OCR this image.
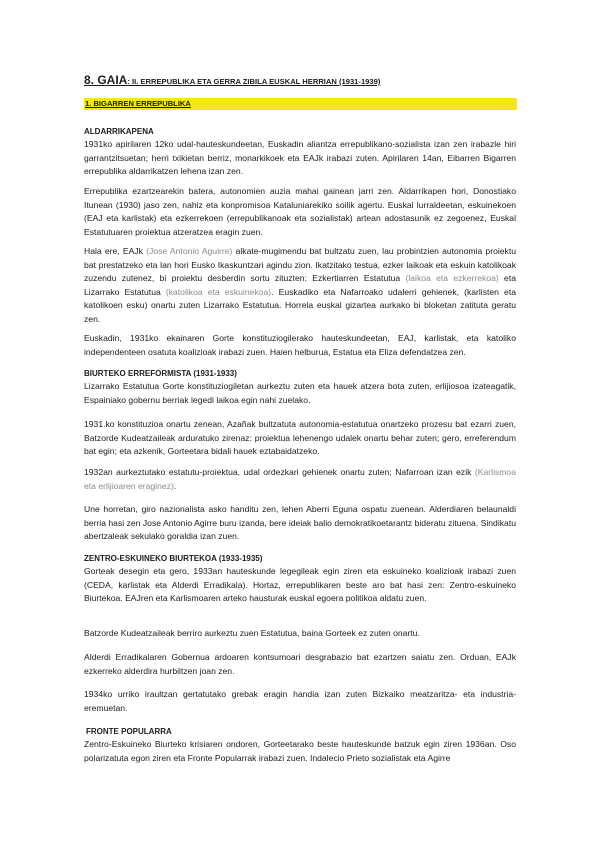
8. GAIA: II. ERREPUBLIKA ETA GERRA ZIBILA EUSKAL HERRIAN (1931-1939)
1. BIGARREN ERREPUBLIKA

ALDARRIKAPENA

1931ko apirilaren 12ko udal-hauteskundeetan, Euskadin aliantza errepublikano-sozialista izan zen irabazle hiri garrantzitsuetan; herri txikietan berriz, monarkikoek eta EAJk irabazi zuten. Apirilaren 14an, Eibarren Bigarren errepublika aldarrikatzen lehena izan zen.

Errepublika ezartzearekin batera, autonomien auzia mahai gainean jarri zen. Aldarrikapen hori, Donostiako Itunean (1930) jaso zen, nahiz eta konpromisoa Kataluniarekiko soilik agertu. Euskal lurraldeetan, eskuinekoen (EAJ eta karlistak) eta ezkerrekoen (errepublikanoak eta sozialistak) artean adostasunik ez zegoenez, Euskal Estatutuaren proiektua atzeratzea eragin zuen.

Hala ere, EAJk (Jose Antonio Aguirre) alkate-mugimendu bat bultzatu zuen, lau probintzien autonomia proiektu bat prestatzeko eta lan hori Eusko Ikaskuntzari agindu zion. Ikatzitako testua, ezker laikoak eta eskuin katolikoak zuzendu zutenez, bi proiektu desberdin sortu zituzten: Ezkertiarren Estatutua (laikoa eta ezkerrekoa) eta Lizarrako Estatutua (katolikoa eta eskuinekoa). Euskadiko eta Nafarroako udalerri gehienek, (karlisten eta katolikoen esku) onartu zuten Lizarrako Estatutua. Horrela euskal gizartea aurkako bi bloketan zatituta geratu zen.

Euskadin, 1931ko ekainaren Gorte konstituziogilerako hauteskundeetan, EAJ, karlistak, eta katoliko independenteen osatuta koalizioak irabazi zuen. Haien helburua, Estatua eta Eliza defendatzea zen.

BIURTEKO ERREFORMISTA (1931-1933)

Lizarrako Estatutua Gorte konstituziogiletan aurkeztu zuten eta hauek atzera bota zuten, erlijiosoa izateagatik, Espainiako gobernu berriak legedi laikoa egin nahi zuelako.

1931.ko konstituzioa onartu zenean, Azañak bultzatuta autonomia-estatutua onartzeko prozesu bat ezarri zuen, Batzorde Kudeatzaileak arduratuko zirenaz: proiektua lehenengo udalek onartu behar zuten; gero, erreferendum bat egin; eta azkenik, Gorteetara bidali hauek eztabaidatzeko.

1932an aurkeztutako estatutu-proiektua, udal ordezkari gehienek onartu zuten; Nafarroan izan ezik (Karlismoa eta erlijioaren eraginez).

Une horretan, giro nazionalista asko handitu zen, lehen Aberri Eguna ospatu zuenean. Alderdiaren belaunaldi berria hasi zen Jose Antonio Agirre buru izanda, bere ideiak balio demokratikoetarantz bideratu zituena. Sindikatu abertzaleak sekulako goraldia izan zuen.

ZENTRO-ESKUINEKO BIURTEKOA (1933-1935)

Gorteak desegin eta gero, 1933an hauteskunde legegileak egin ziren eta eskuineko koalizioak irabazi zuen (CEDA, karlistak eta Alderdi Erradikala). Hortaz, errepublikaren beste aro bat hasi zen: Zentro-eskuineko Biurtekoa. EAJren eta Karlismoaren arteko hausturak euskal egoera politikoa aldatu zuen.

Batzorde Kudeatzaileak berriro aurkeztu zuen Estatutua, baina Gorteek ez zuten onartu.

Alderdi Erradikalaren Gobernua ardoaren kontsumoari desgrabazio bat ezartzen saiatu zen. Orduan, EAJk ezkerreko alderdira hurbiltzen joan zen.

1934ko urriko iraultzan gertatutako grebak eragin handia izan zuten Bizkaiko meatzaritza- eta industria-eremuetan.

FRONTE POPULARRA

Zentro-Eskuineko Biurteko krisiaren ondoren, Gorteetarako beste hauteskunde batzuk egin ziren 1936an. Oso polarizatuta egon ziren eta Fronte Popularrak irabazi zuen. Indalecio Prieto sozialistak eta Agirre
